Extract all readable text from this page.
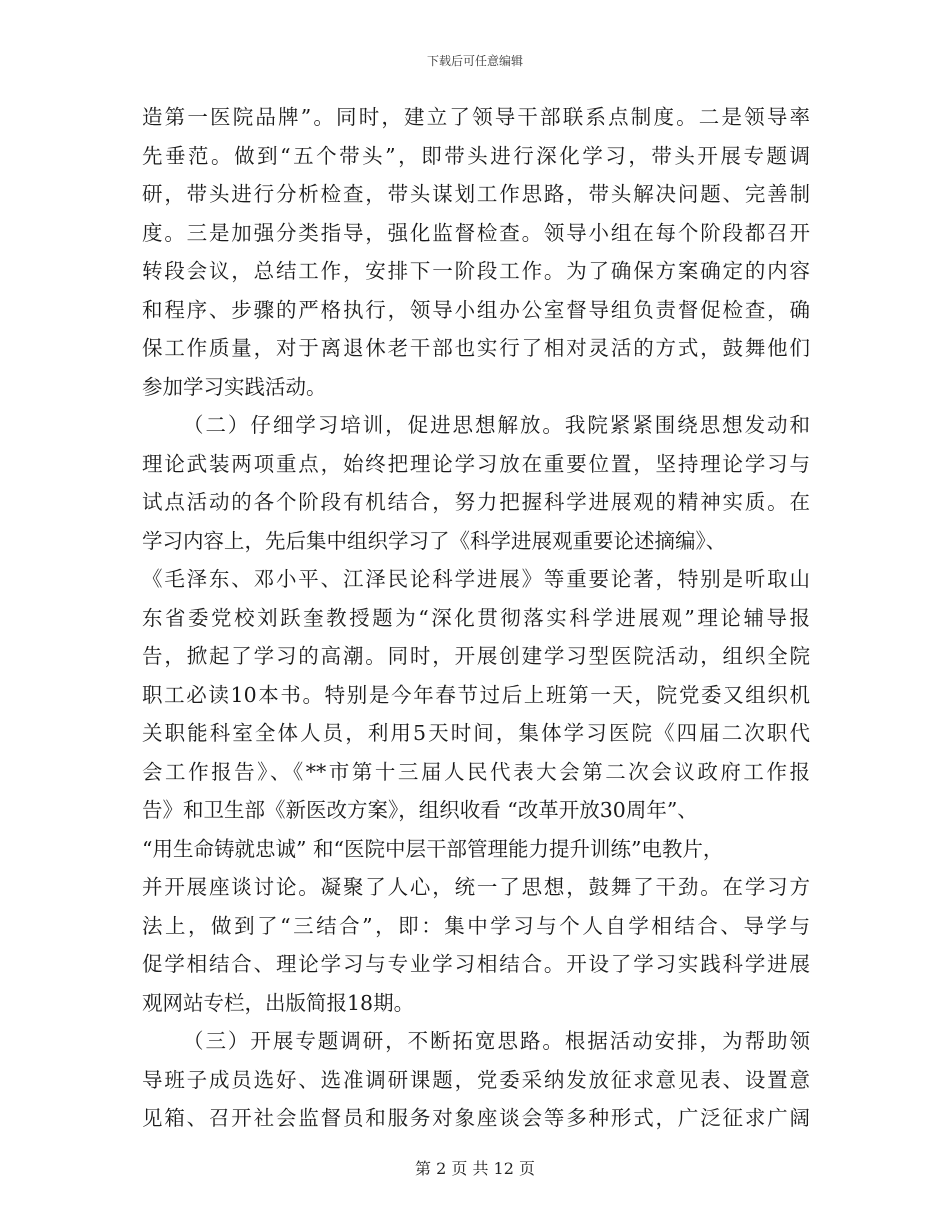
下载后可任意编辑
造第一医院品牌”。同时，建立了领导干部联系点制度。二是领导率
先垂范。做到“五个带头”，即带头进行深化学习，带头开展专题调
研，带头进行分析检查，带头谋划工作思路，带头解决问题、完善制
度。三是加强分类指导，强化监督检查。领导小组在每个阶段都召开
转段会议，总结工作，安排下一阶段工作。为了确保方案确定的内容
和程序、步骤的严格执行，领导小组办公室督导组负责督促检查，确
保工作质量，对于离退休老干部也实行了相对灵活的方式，鼓舞他们
参加学习实践活动。
（二）仔细学习培训，促进思想解放。我院紧紧围绕思想发动和
理论武装两项重点，始终把理论学习放在重要位置，坚持理论学习与
试点活动的各个阶段有机结合，努力把握科学进展观的精神实质。在
学习内容上，先后集中组织学习了《科学进展观重要论述摘编》、
《毛泽东、邓小平、江泽民论科学进展》等重要论著，特别是听取山
东省委党校刘跃奎教授题为“深化贯彻落实科学进展观”理论辅导报
告，掀起了学习的高潮。同时，开展创建学习型医院活动，组织全院
职工必读10本书。特别是今年春节过后上班第一天，院党委又组织机
关职能科室全体人员，利用5天时间，集体学习医院《四届二次职代
会工作报告》、《**市第十三届人民代表大会第二次会议政府工作报
告》和卫生部《新医改方案》，组织收看 “改革开放30周年”、
“用生命铸就忠诚” 和“医院中层干部管理能力提升训练”电教片，
并开展座谈讨论。凝聚了人心，统一了思想，鼓舞了干劲。在学习方
法上，做到了“三结合”，即：集中学习与个人自学相结合、导学与
促学相结合、理论学习与专业学习相结合。开设了学习实践科学进展
观网站专栏，出版简报18期。
（三）开展专题调研，不断拓宽思路。根据活动安排，为帮助领
导班子成员选好、选准调研课题，党委采纳发放征求意见表、设置意
见箱、召开社会监督员和服务对象座谈会等多种形式，广泛征求广阔
第 2 页 共 12 页
